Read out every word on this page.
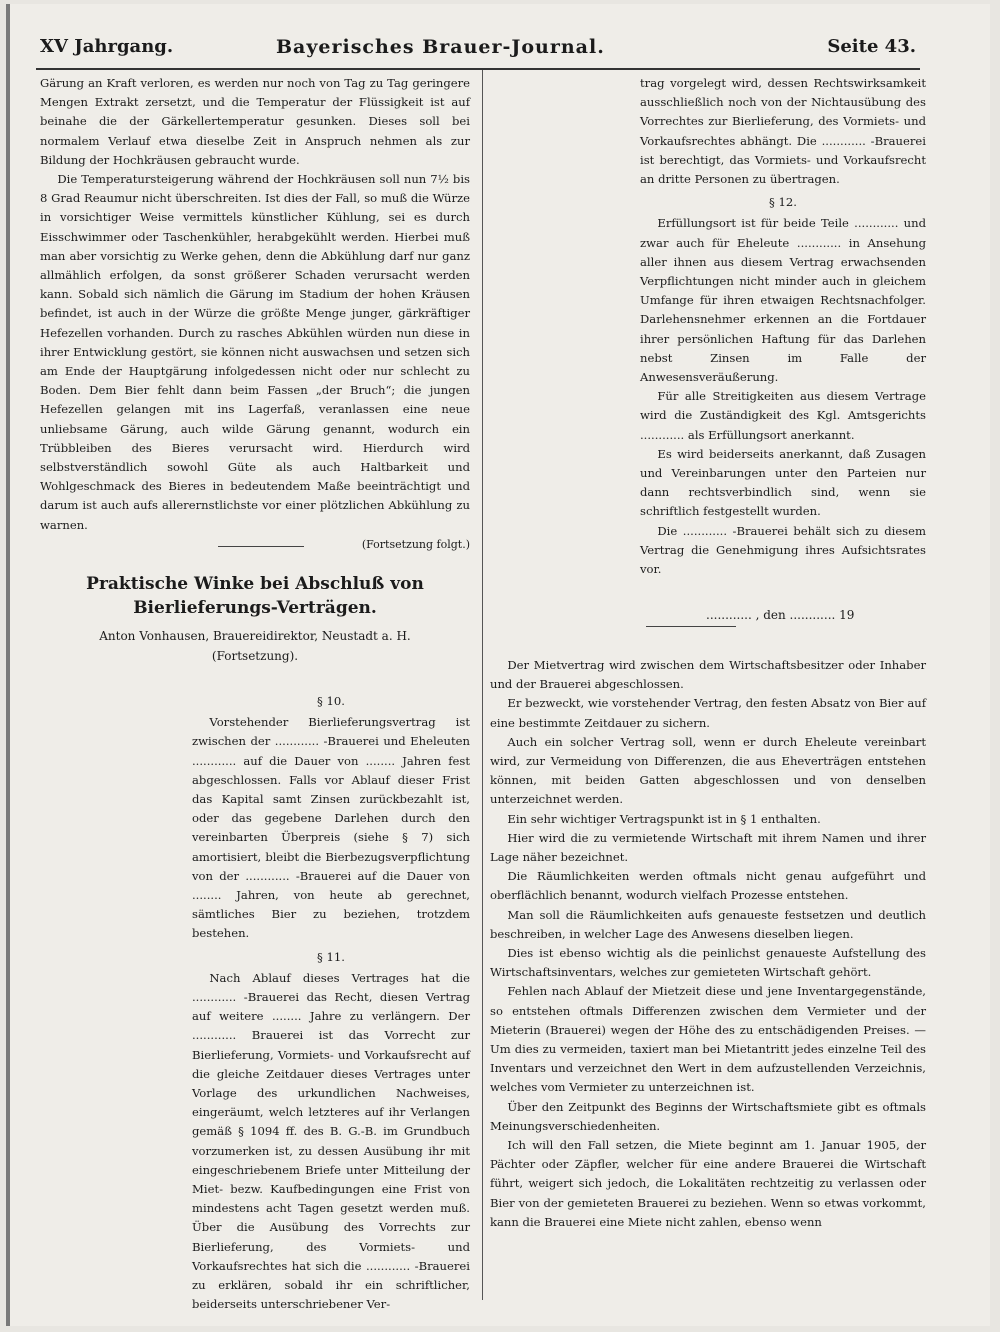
XV Jahrgang.	Bayerisches Brauer-Journal.	Seite 43.

Gärung an Kraft verloren, es werden nur noch von Tag zu Tag geringere Mengen Extrakt zersetzt, und die Temperatur der Flüssigkeit ist auf beinahe die der Gärkellertemperatur gesunken. Dieses soll bei normalem Verlauf etwa dieselbe Zeit in Anspruch nehmen als zur Bildung der Hochkräusen gebraucht wurde.

Die Temperatursteigerung während der Hochkräusen soll nun 7½ bis 8 Grad Reaumur nicht überschreiten. Ist dies der Fall, so muß die Würze in vorsichtiger Weise vermittels künstlicher Kühlung, sei es durch Eisschwimmer oder Taschenkühler, herabgekühlt werden. Hierbei muß man aber vorsichtig zu Werke gehen, denn die Abkühlung darf nur ganz allmählich erfolgen, da sonst größerer Schaden verursacht werden kann. Sobald sich nämlich die Gärung im Stadium der hohen Kräusen befindet, ist auch in der Würze die größte Menge junger, gärkräftiger Hefezellen vorhanden. Durch zu rasches Abkühlen würden nun diese in ihrer Entwicklung gestört, sie können nicht auswachsen und setzen sich am Ende der Hauptgärung infolgedessen nicht oder nur schlecht zu Boden. Dem Bier fehlt dann beim Fassen „der Bruch“; die jungen Hefezellen gelangen mit ins Lagerfaß, veranlassen eine neue unliebsame Gärung, auch wilde Gärung genannt, wodurch ein Trübbleiben des Bieres verursacht wird. Hierdurch wird selbstverständlich sowohl Güte als auch Haltbarkeit und Wohlgeschmack des Bieres in bedeutendem Maße beeinträchtigt und darum ist auch aufs allerernstlichste vor einer plötzlichen Abkühlung zu warnen.

(Fortsetzung folgt.)

Praktische Winke bei Abschluß von Bierlieferungs-Verträgen.
Anton Vonhausen, Brauereidirektor, Neustadt a. H.
(Fortsetzung).

§ 10.

Vorstehender Bierlieferungsvertrag ist zwischen der ............ -Brauerei und Eheleuten ............ auf die Dauer von ........ Jahren fest abgeschlossen. Falls vor Ablauf dieser Frist das Kapital samt Zinsen zurückbezahlt ist, oder das gegebene Darlehen durch den vereinbarten Überpreis (siehe § 7) sich amortisiert, bleibt die Bierbezugsverpflichtung von der ............ -Brauerei auf die Dauer von ........ Jahren, von heute ab gerechnet, sämtliches Bier zu beziehen, trotzdem bestehen.

§ 11.

Nach Ablauf dieses Vertrages hat die ............ -Brauerei das Recht, diesen Vertrag auf weitere ........ Jahre zu verlängern. Der ............ Brauerei ist das Vorrecht zur Bierlieferung, Vormiets- und Vorkaufsrecht auf die gleiche Zeitdauer dieses Vertrages unter Vorlage des urkundlichen Nachweises, eingeräumt, welch letzteres auf ihr Verlangen gemäß § 1094 ff. des B. G.-B. im Grundbuch vorzumerken ist, zu dessen Ausübung ihr mit eingeschriebenem Briefe unter Mitteilung der Miet- bezw. Kaufbedingungen eine Frist von mindestens acht Tagen gesetzt werden muß. Über die Ausübung des Vorrechts zur Bierlieferung, des Vormiets- und Vorkaufsrechtes hat sich die ............ -Brauerei zu erklären, sobald ihr ein schriftlicher, beiderseits unterschriebener Ver-

trag vorgelegt wird, dessen Rechtswirksamkeit ausschließlich noch von der Nichtausübung des Vorrechtes zur Bierlieferung, des Vormiets- und Vorkaufsrechtes abhängt. Die ............ -Brauerei ist berechtigt, das Vormiets- und Vorkaufsrecht an dritte Personen zu übertragen.

§ 12.

Erfüllungsort ist für beide Teile ............ und zwar auch für Eheleute ............ in Ansehung aller ihnen aus diesem Vertrag erwachsenden Verpflichtungen nicht minder auch in gleichem Umfange für ihren etwaigen Rechtsnachfolger. Darlehensnehmer erkennen an die Fortdauer ihrer persönlichen Haftung für das Darlehen nebst Zinsen im Falle der Anwesensveräußerung.

Für alle Streitigkeiten aus diesem Vertrage wird die Zuständigkeit des Kgl. Amtsgerichts ............ als Erfüllungsort anerkannt.

Es wird beiderseits anerkannt, daß Zusagen und Vereinbarungen unter den Parteien nur dann rechtsverbindlich sind, wenn sie schriftlich festgestellt wurden.

Die ............ -Brauerei behält sich zu diesem Vertrag die Genehmigung ihres Aufsichtsrates vor.

............ , den ............ 19

Der Mietvertrag wird zwischen dem Wirtschaftsbesitzer oder Inhaber und der Brauerei abgeschlossen.

Er bezweckt, wie vorstehender Vertrag, den festen Absatz von Bier auf eine bestimmte Zeitdauer zu sichern.

Auch ein solcher Vertrag soll, wenn er durch Eheleute vereinbart wird, zur Vermeidung von Differenzen, die aus Eheverträgen entstehen können, mit beiden Gatten abgeschlossen und von denselben unterzeichnet werden.

Ein sehr wichtiger Vertragspunkt ist in § 1 enthalten.

Hier wird die zu vermietende Wirtschaft mit ihrem Namen und ihrer Lage näher bezeichnet.

Die Räumlichkeiten werden oftmals nicht genau aufgeführt und oberflächlich benannt, wodurch vielfach Prozesse entstehen.

Man soll die Räumlichkeiten aufs genaueste festsetzen und deutlich beschreiben, in welcher Lage des Anwesens dieselben liegen.

Dies ist ebenso wichtig als die peinlichst genaueste Aufstellung des Wirtschaftsinventars, welches zur gemieteten Wirtschaft gehört.

Fehlen nach Ablauf der Mietzeit diese und jene Inventargegenstände, so entstehen oftmals Differenzen zwischen dem Vermieter und der Mieterin (Brauerei) wegen der Höhe des zu entschädigenden Preises. — Um dies zu vermeiden, taxiert man bei Mietantritt jedes einzelne Teil des Inventars und verzeichnet den Wert in dem aufzustellenden Verzeichnis, welches vom Vermieter zu unterzeichnen ist.

Über den Zeitpunkt des Beginns der Wirtschaftsmiete gibt es oftmals Meinungsverschiedenheiten.

Ich will den Fall setzen, die Miete beginnt am 1. Januar 1905, der Pächter oder Zäpfler, welcher für eine andere Brauerei die Wirtschaft führt, weigert sich jedoch, die Lokalitäten rechtzeitig zu verlassen oder Bier von der gemieteten Brauerei zu beziehen. Wenn so etwas vorkommt, kann die Brauerei eine Miete nicht zahlen, ebenso wenn
